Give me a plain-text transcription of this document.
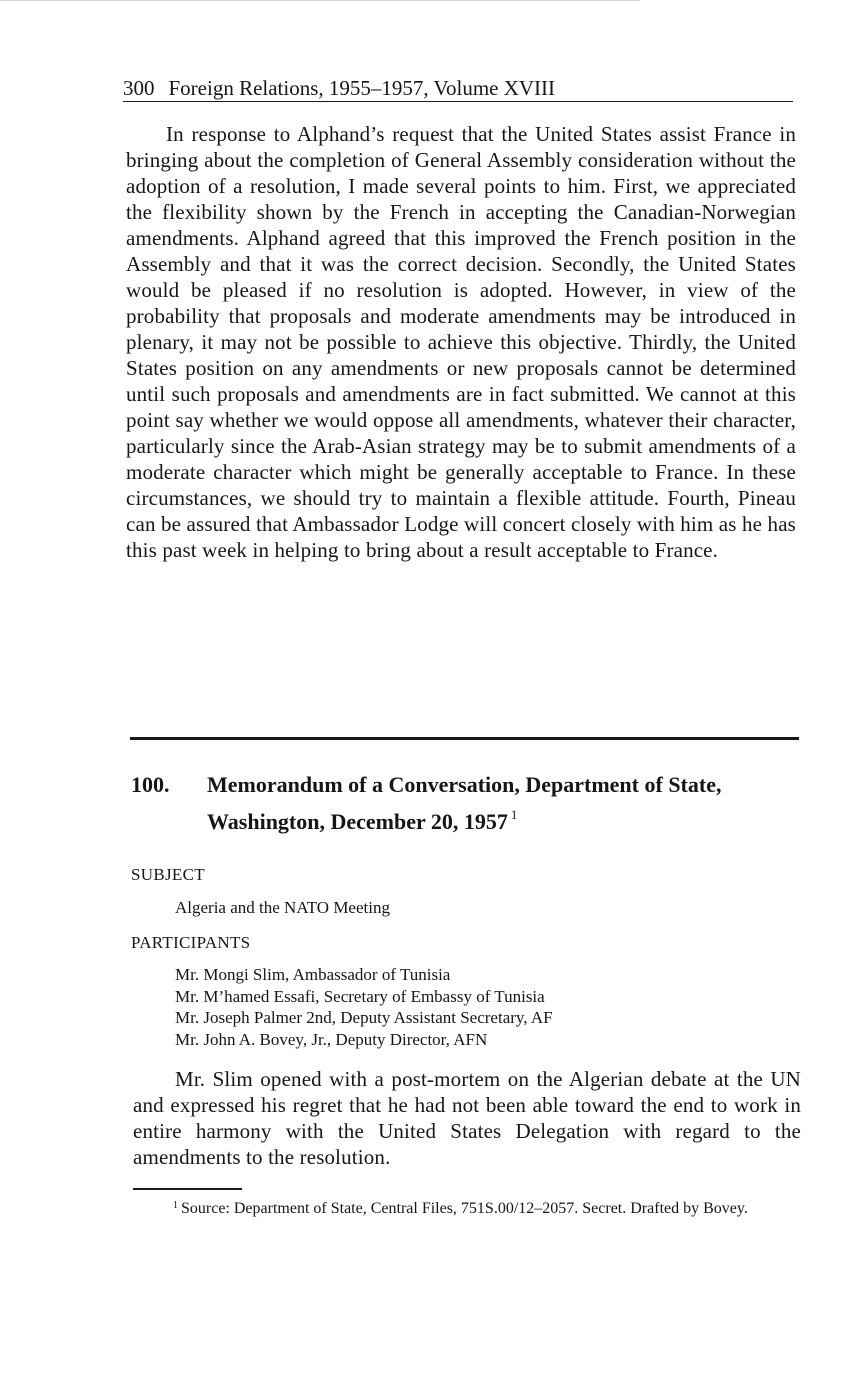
300 Foreign Relations, 1955–1957, Volume XVIII

In response to Alphand’s request that the United States assist France in bringing about the completion of General Assembly consideration without the adoption of a resolution, I made several points to him. First, we appreciated the flexibility shown by the French in accepting the Canadian-Norwegian amendments. Alphand agreed that this improved the French position in the Assembly and that it was the correct decision. Secondly, the United States would be pleased if no resolution is adopted. However, in view of the probability that proposals and moderate amendments may be introduced in plenary, it may not be possible to achieve this objective. Thirdly, the United States position on any amendments or new proposals cannot be determined until such proposals and amendments are in fact submitted. We cannot at this point say whether we would oppose all amendments, whatever their character, particularly since the Arab-Asian strategy may be to submit amendments of a moderate character which might be generally acceptable to France. In these circumstances, we should try to maintain a flexible attitude. Fourth, Pineau can be assured that Ambassador Lodge will concert closely with him as he has this past week in helping to bring about a result acceptable to France.

100. Memorandum of a Conversation, Department of State, Washington, December 20, 1957 $^1$
SUBJECT
Algeria and the NATO Meeting
PARTICIPANTS
Mr. Mongi Slim, Ambassador of Tunisia
Mr. M’hamed Essafi, Secretary of Embassy of Tunisia
Mr. Joseph Palmer 2nd, Deputy Assistant Secretary, AF
Mr. John A. Bovey, Jr., Deputy Director, AFN

Mr. Slim opened with a post-mortem on the Algerian debate at the UN and expressed his regret that he had not been able toward the end to work in entire harmony with the United States Delegation with regard to the amendments to the resolution.

$^1$ Source: Department of State, Central Files, 751S.00/12–2057. Secret. Drafted by Bovey.
